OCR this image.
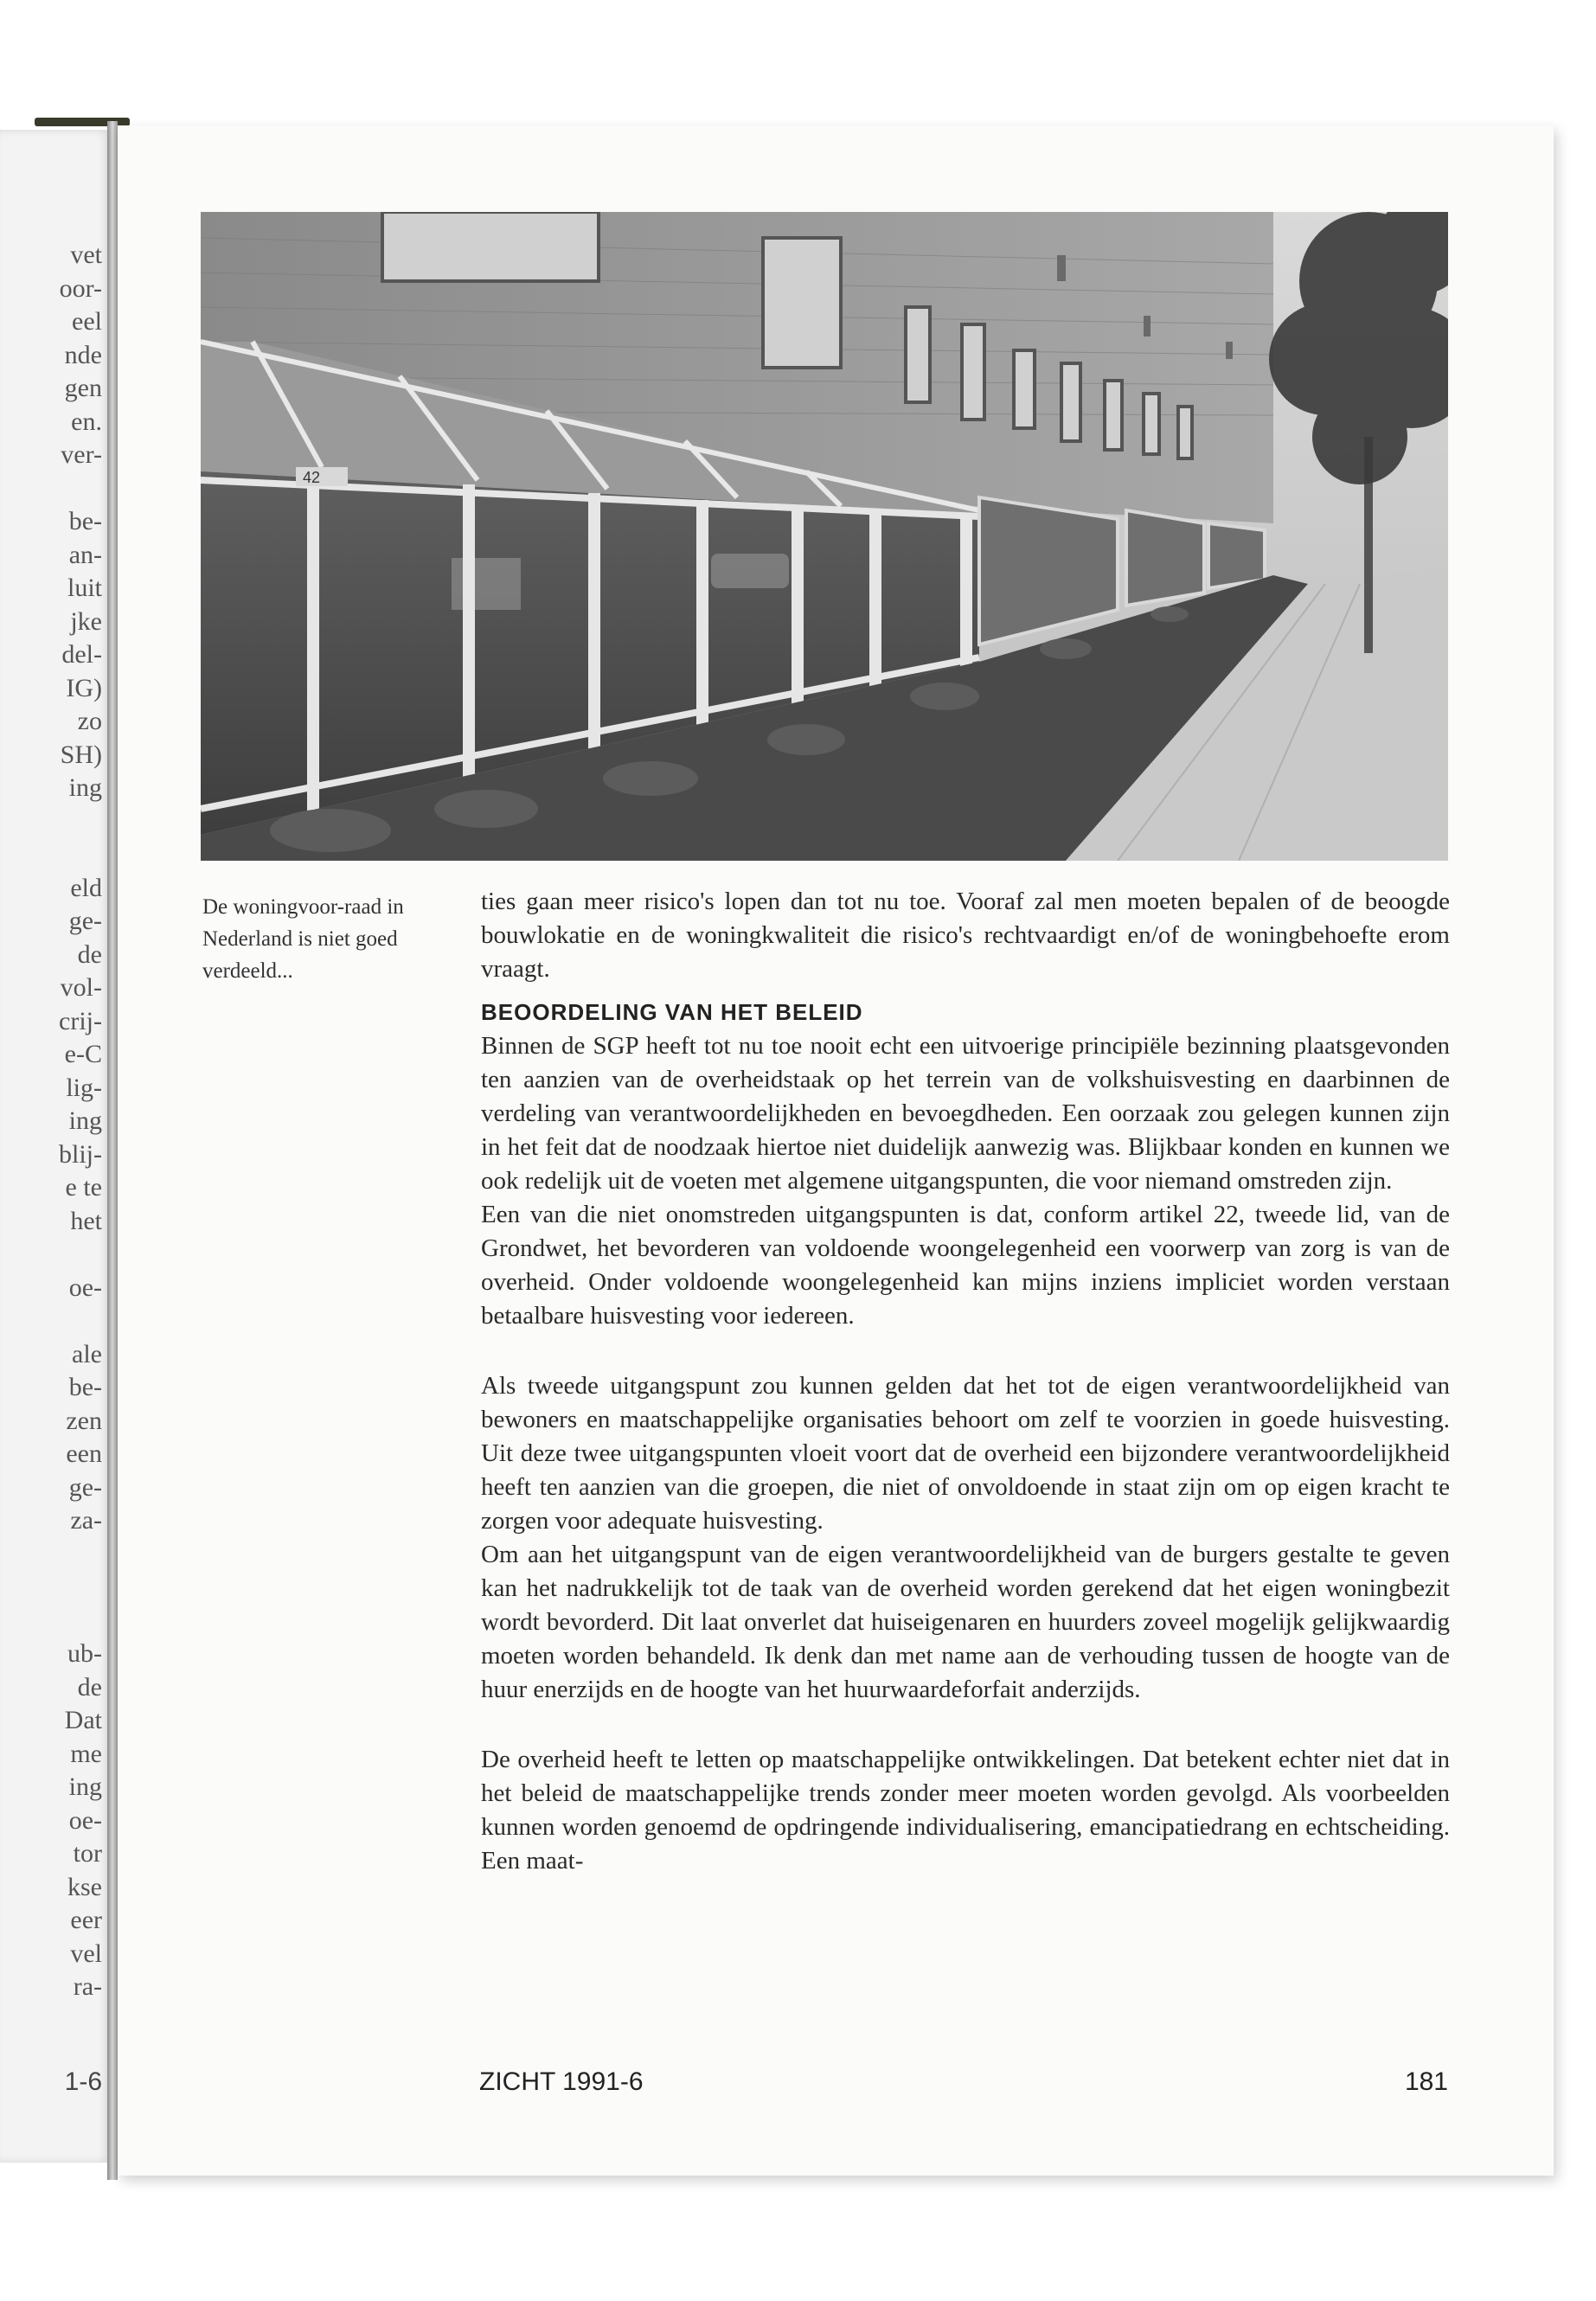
vet
oor-
eel
nde
gen
en.
ver-
be-
an-
luit
jke
del-
IG)
zo
SH)
ing
eld
ge-
de
vol-
crij-
e-C
lig-
ing
blij-
e te
het
oe-
ale
be-
zen
een
ge-
za-
ub-
de
Dat
me
ing
oe-
tor
kse
eer
vel
ra-
1-6
42
De woningvoor-raad in Nederland is niet goed verdeeld...

ties gaan meer risico's lopen dan tot nu toe. Vooraf zal men moeten bepalen of de beoogde bouwlokatie en de woningkwaliteit die risico's rechtvaardigt en/of de woningbehoefte erom vraagt.

BEOORDELING VAN HET BELEID

Binnen de SGP heeft tot nu toe nooit echt een uitvoerige principiële bezinning plaatsgevonden ten aanzien van de overheidstaak op het terrein van de volkshuisvesting en daarbinnen de verdeling van verantwoordelijkheden en bevoegdheden. Een oorzaak zou gelegen kunnen zijn in het feit dat de noodzaak hiertoe niet duidelijk aanwezig was. Blijkbaar konden en kunnen we ook redelijk uit de voeten met algemene uitgangspunten, die voor niemand omstreden zijn.

Een van die niet onomstreden uitgangspunten is dat, conform artikel 22, tweede lid, van de Grondwet, het bevorderen van voldoende woongelegenheid een voorwerp van zorg is van de overheid. Onder voldoende woongelegenheid kan mijns inziens impliciet worden verstaan betaalbare huisvesting voor iedereen.

Als tweede uitgangspunt zou kunnen gelden dat het tot de eigen verantwoordelijkheid van bewoners en maatschappelijke organisaties behoort om zelf te voorzien in goede huisvesting. Uit deze twee uitgangspunten vloeit voort dat de overheid een bijzondere verantwoordelijkheid heeft ten aanzien van die groepen, die niet of onvoldoende in staat zijn om op eigen kracht te zorgen voor adequate huisvesting.

Om aan het uitgangspunt van de eigen verantwoordelijkheid van de burgers gestalte te geven kan het nadrukkelijk tot de taak van de overheid worden gerekend dat het eigen woningbezit wordt bevorderd. Dit laat onverlet dat huiseigenaren en huurders zoveel mogelijk gelijkwaardig moeten worden behandeld. Ik denk dan met name aan de verhouding tussen de hoogte van de huur enerzijds en de hoogte van het huurwaardeforfait anderzijds.

De overheid heeft te letten op maatschappelijke ontwikkelingen. Dat betekent echter niet dat in het beleid de maatschappelijke trends zonder meer moeten worden gevolgd. Als voorbeelden kunnen worden genoemd de opdringende individualisering, emancipatiedrang en echtscheiding. Een maat-

ZICHT 1991-6	181
